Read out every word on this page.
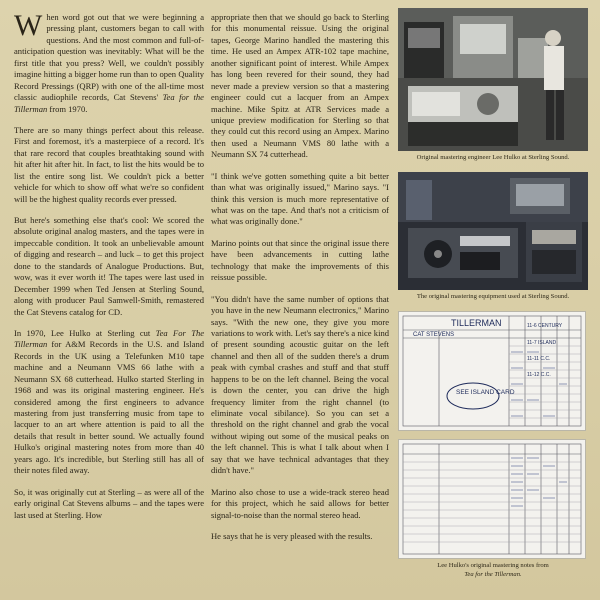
When word got out that we were beginning a pressing plant, customers began to call with questions. And the most common and full-of-anticipation question was inevitably: What will be the first title that you press? Well, we couldn't possibly imagine hitting a bigger home run than to open Quality Record Pressings (QRP) with one of the all-time most classic audiophile records, Cat Stevens' Tea for the Tillerman from 1970.

There are so many things perfect about this release. First and foremost, it's a masterpiece of a record. It's that rare record that couples breathtaking sound with hit after hit after hit. In fact, to list the hits would be to list the entire song list. We couldn't pick a better vehicle for which to show off what we're so confident will be the highest quality records ever pressed.

But here's something else that's cool: We scored the absolute original analog masters, and the tapes were in impeccable condition. It took an unbelievable amount of digging and research – and luck – to get this project done to the standards of Analogue Productions. But, wow, was it ever worth it! The tapes were last used in December 1999 when Ted Jensen at Sterling Sound, along with producer Paul Samwell-Smith, remastered the Cat Stevens catalog for CD.

In 1970, Lee Hulko at Sterling cut Tea For The Tillerman for A&M Records in the U.S. and Island Records in the UK using a Telefunken M10 tape machine and a Neumann VMS 66 lathe with a Neumann SX 68 cutterhead. Hulko started Sterling in 1968 and was its original mastering engineer. He's considered among the first engineers to advance mastering from just transferring music from tape to lacquer to an art where attention is paid to all the details that result in better sound. We actually found Hulko's original mastering notes from more than 40 years ago. It's incredible, but Sterling still has all of their notes filed away.

So, it was originally cut at Sterling – as were all of the early original Cat Stevens albums – and the tapes were last used at Sterling. How

appropriate then that we should go back to Sterling for this monumental reissue. Using the original tapes, George Marino handled the mastering this time. He used an Ampex ATR-102 tape machine, another significant point of interest. While Ampex has long been revered for their sound, they had never made a preview version so that a mastering engineer could cut a lacquer from an Ampex machine. Mike Spitz at ATR Services made a unique preview modification for Sterling so that they could cut this record using an Ampex. Marino then used a Neumann VMS 80 lathe with a Neumann SX 74 cutterhead.

"I think we've gotten something quite a bit better than what was originally issued," Marino says. "I think this version is much more representative of what was on the tape. And that's not a criticism of what was originally done."

Marino points out that since the original issue there have been advancements in cutting lathe technology that make the improvements of this reissue possible.

"You didn't have the same number of options that you have in the new Neumann electronics," Marino says. "With the new one, they give you more variations to work with. Let's say there's a nice kind of present sounding acoustic guitar on the left channel and then all of the sudden there's a drum peak with cymbal crashes and stuff and that stuff happens to be on the left channel. Being the vocal is down the center, you can drive the high frequency limiter from the right channel (to eliminate vocal sibilance). So you can set a threshold on the right channel and grab the vocal without wiping out some of the musical peaks on the left channel. This is what I talk about when I say that we have technical advantages that they didn't have."

Marino also chose to use a wide-track stereo head for this project, which he said allows for better signal-to-noise than the normal stereo head.

He says that he is very pleased with the results.

Original mastering engineer Lee Hulko at Sterling Sound.

The original mastering equipment used at Sterling Sound.

TILLERMAN
CAT STEVENS
SEE ISLAND CARD
11-6 CENTURY
11-7 ISLAND
11-11 C.C.
11-12 C.C.

Lee Hulko's original mastering notes from
Tea for the Tillerman.
